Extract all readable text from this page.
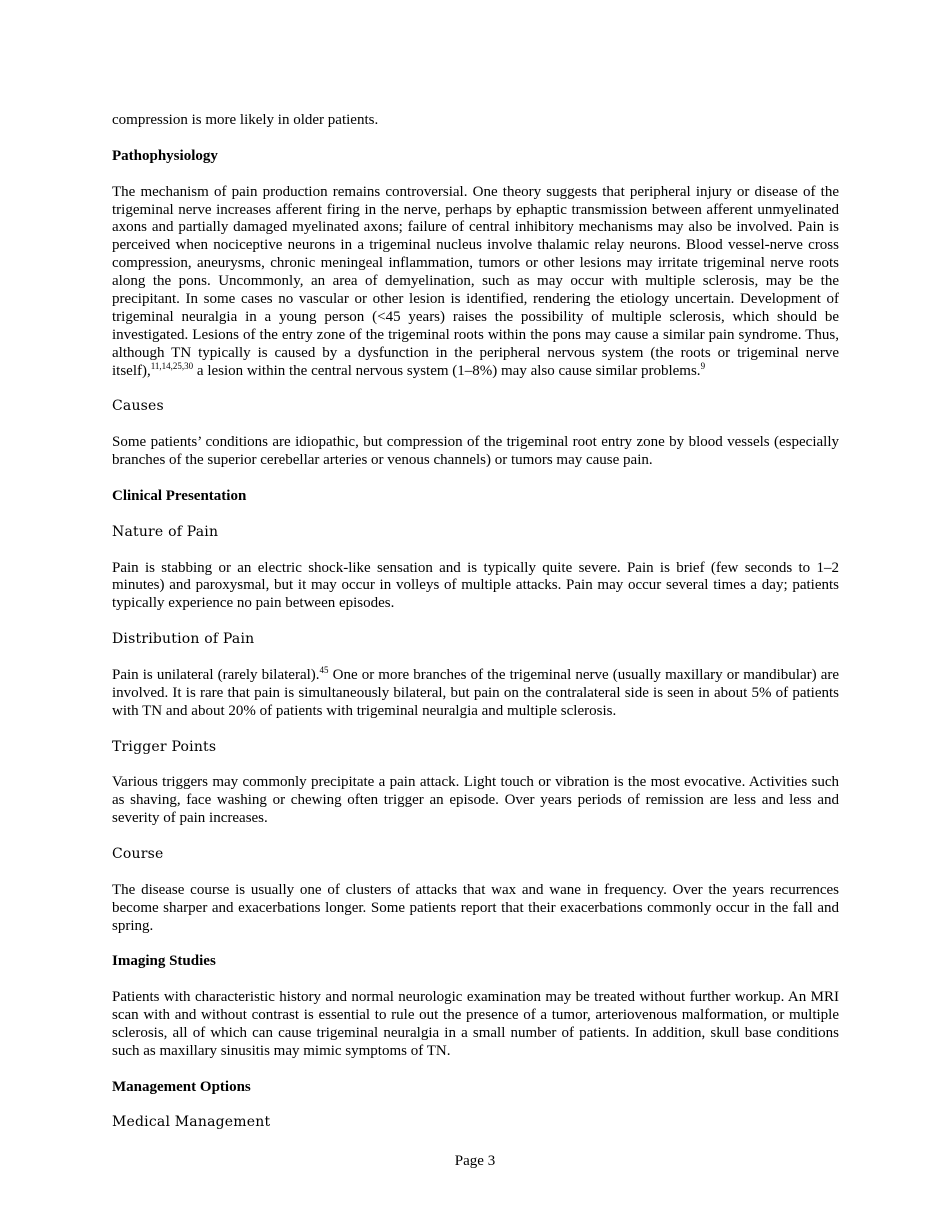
compression is more likely in older patients.

Pathophysiology

The mechanism of pain production remains controversial. One theory suggests that peripheral injury or disease of the trigeminal nerve increases afferent firing in the nerve, perhaps by ephaptic transmission between afferent unmyelinated axons and partially damaged myelinated axons; failure of central inhibitory mechanisms may also be involved. Pain is perceived when nociceptive neurons in a trigeminal nucleus involve thalamic relay neurons. Blood vessel-nerve cross compression, aneurysms, chronic meningeal inflammation, tumors or other lesions may irritate trigeminal nerve roots along the pons. Uncommonly, an area of demyelination, such as may occur with multiple sclerosis, may be the precipitant. In some cases no vascular or other lesion is identified, rendering the etiology uncertain. Development of trigeminal neuralgia in a young person (<45 years) raises the possibility of multiple sclerosis, which should be investigated. Lesions of the entry zone of the trigeminal roots within the pons may cause a similar pain syndrome. Thus, although TN typically is caused by a dysfunction in the peripheral nervous system (the roots or trigeminal nerve itself),$^{11,14,25,30}$ a lesion within the central nervous system (1–8%) may also cause similar problems.$^9$

Causes

Some patients’ conditions are idiopathic, but compression of the trigeminal root entry zone by blood vessels (especially branches of the superior cerebellar arteries or venous channels) or tumors may cause pain.

Clinical Presentation

Nature of Pain

Pain is stabbing or an electric shock-like sensation and is typically quite severe. Pain is brief (few seconds to 1–2 minutes) and paroxysmal, but it may occur in volleys of multiple attacks. Pain may occur several times a day; patients typically experience no pain between episodes.

Distribution of Pain

Pain is unilateral (rarely bilateral).$^{45}$ One or more branches of the trigeminal nerve (usually maxillary or mandibular) are involved. It is rare that pain is simultaneously bilateral, but pain on the contralateral side is seen in about 5% of patients with TN and about 20% of patients with trigeminal neuralgia and multiple sclerosis.

Trigger Points

Various triggers may commonly precipitate a pain attack. Light touch or vibration is the most evocative. Activities such as shaving, face washing or chewing often trigger an episode. Over years periods of remission are less and less and severity of pain increases.

Course

The disease course is usually one of clusters of attacks that wax and wane in frequency. Over the years recurrences become sharper and exacerbations longer. Some patients report that their exacerbations commonly occur in the fall and spring.

Imaging Studies

Patients with characteristic history and normal neurologic examination may be treated without further workup. An MRI scan with and without contrast is essential to rule out the presence of a tumor, arteriovenous malformation, or multiple sclerosis, all of which can cause trigeminal neuralgia in a small number of patients. In addition, skull base conditions such as maxillary sinusitis may mimic symptoms of TN.

Management Options

Medical Management

Page 3
